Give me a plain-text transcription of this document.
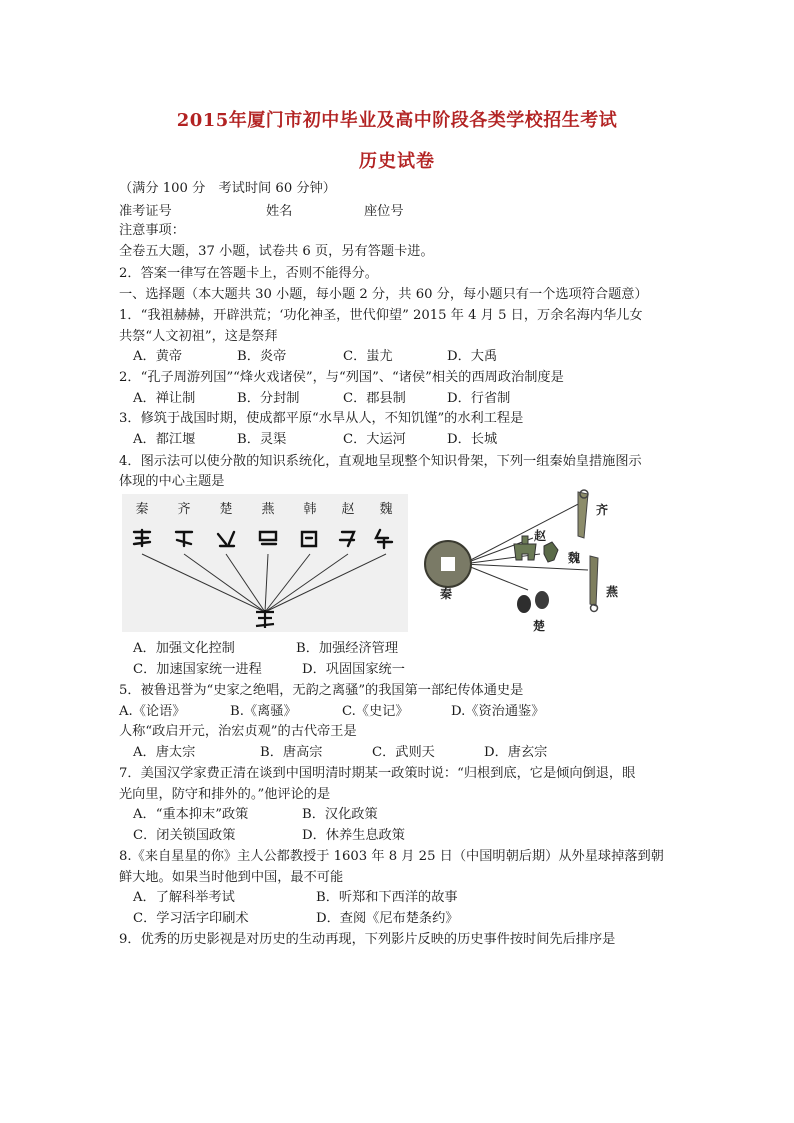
2015年厦门市初中毕业及高中阶段各类学校招生考试
历史试卷
（满分 100 分　考试时间 60 分钟）
准考证号	姓名	座位号
注意事项：
全卷五大题，37 小题，试卷共 6 页，另有答题卡进。
2．答案一律写在答题卡上，否则不能得分。
一、选择题（本大题共 30 小题，每小题 2 分，共 60 分，每小题只有一个选项符合题意）
1．“我祖赫赫，开辟洪荒；‘功化神圣，世代仰望” 2015 年 4 月 5 日，万余名海内华儿女
共祭“人文初祖”，这是祭拜
A．黄帝	B．炎帝	C．蚩尤	D．大禹
2．“孔子周游列国”“烽火戏诸侯”，与“列国”、“诸侯”相关的西周政治制度是
A．禅让制	B．分封制	C．郡县制	D．行省制
3．修筑于战国时期，使成都平原“水旱从人，不知饥馑”的水利工程是
A．都江堰	B．灵渠	C．大运河	D．长城
4．图示法可以使分散的知识系统化，直观地呈现整个知识骨架，下列一组秦始皇措施图示
体现的中心主题是
秦 齐 楚 燕 韩 赵 魏
秦
齐
赵
魏
燕
楚
A．加强文化控制	B．加强经济管理
C．加速国家统一进程	D．巩固国家统一
5．被鲁迅誉为“史家之绝唱，无韵之离骚”的我国第一部纪传体通史是
A.《论语》	B.《离骚》	C.《史记》	D.《资治通鉴》
人称“政启开元，治宏贞观”的古代帝王是
A．唐太宗	B．唐高宗	C．武则天	D．唐玄宗
7．美国汉学家费正清在谈到中国明清时期某一政策时说：“归根到底，它是倾向倒退，眼
光向里，防守和排外的。”他评论的是
A．“重本抑末”政策	B．汉化政策
C．闭关锁国政策	D．休养生息政策
8.《来自星星的你》主人公都教授于 1603 年 8 月 25 日（中国明朝后期）从外星球掉落到朝
鲜大地。如果当时他到中国，最不可能
A．了解科举考试	B．听郑和下西洋的故事
C．学习活字印刷术	D．查阅《尼布楚条约》
9．优秀的历史影视是对历史的生动再现，下列影片反映的历史事件按时间先后排序是
